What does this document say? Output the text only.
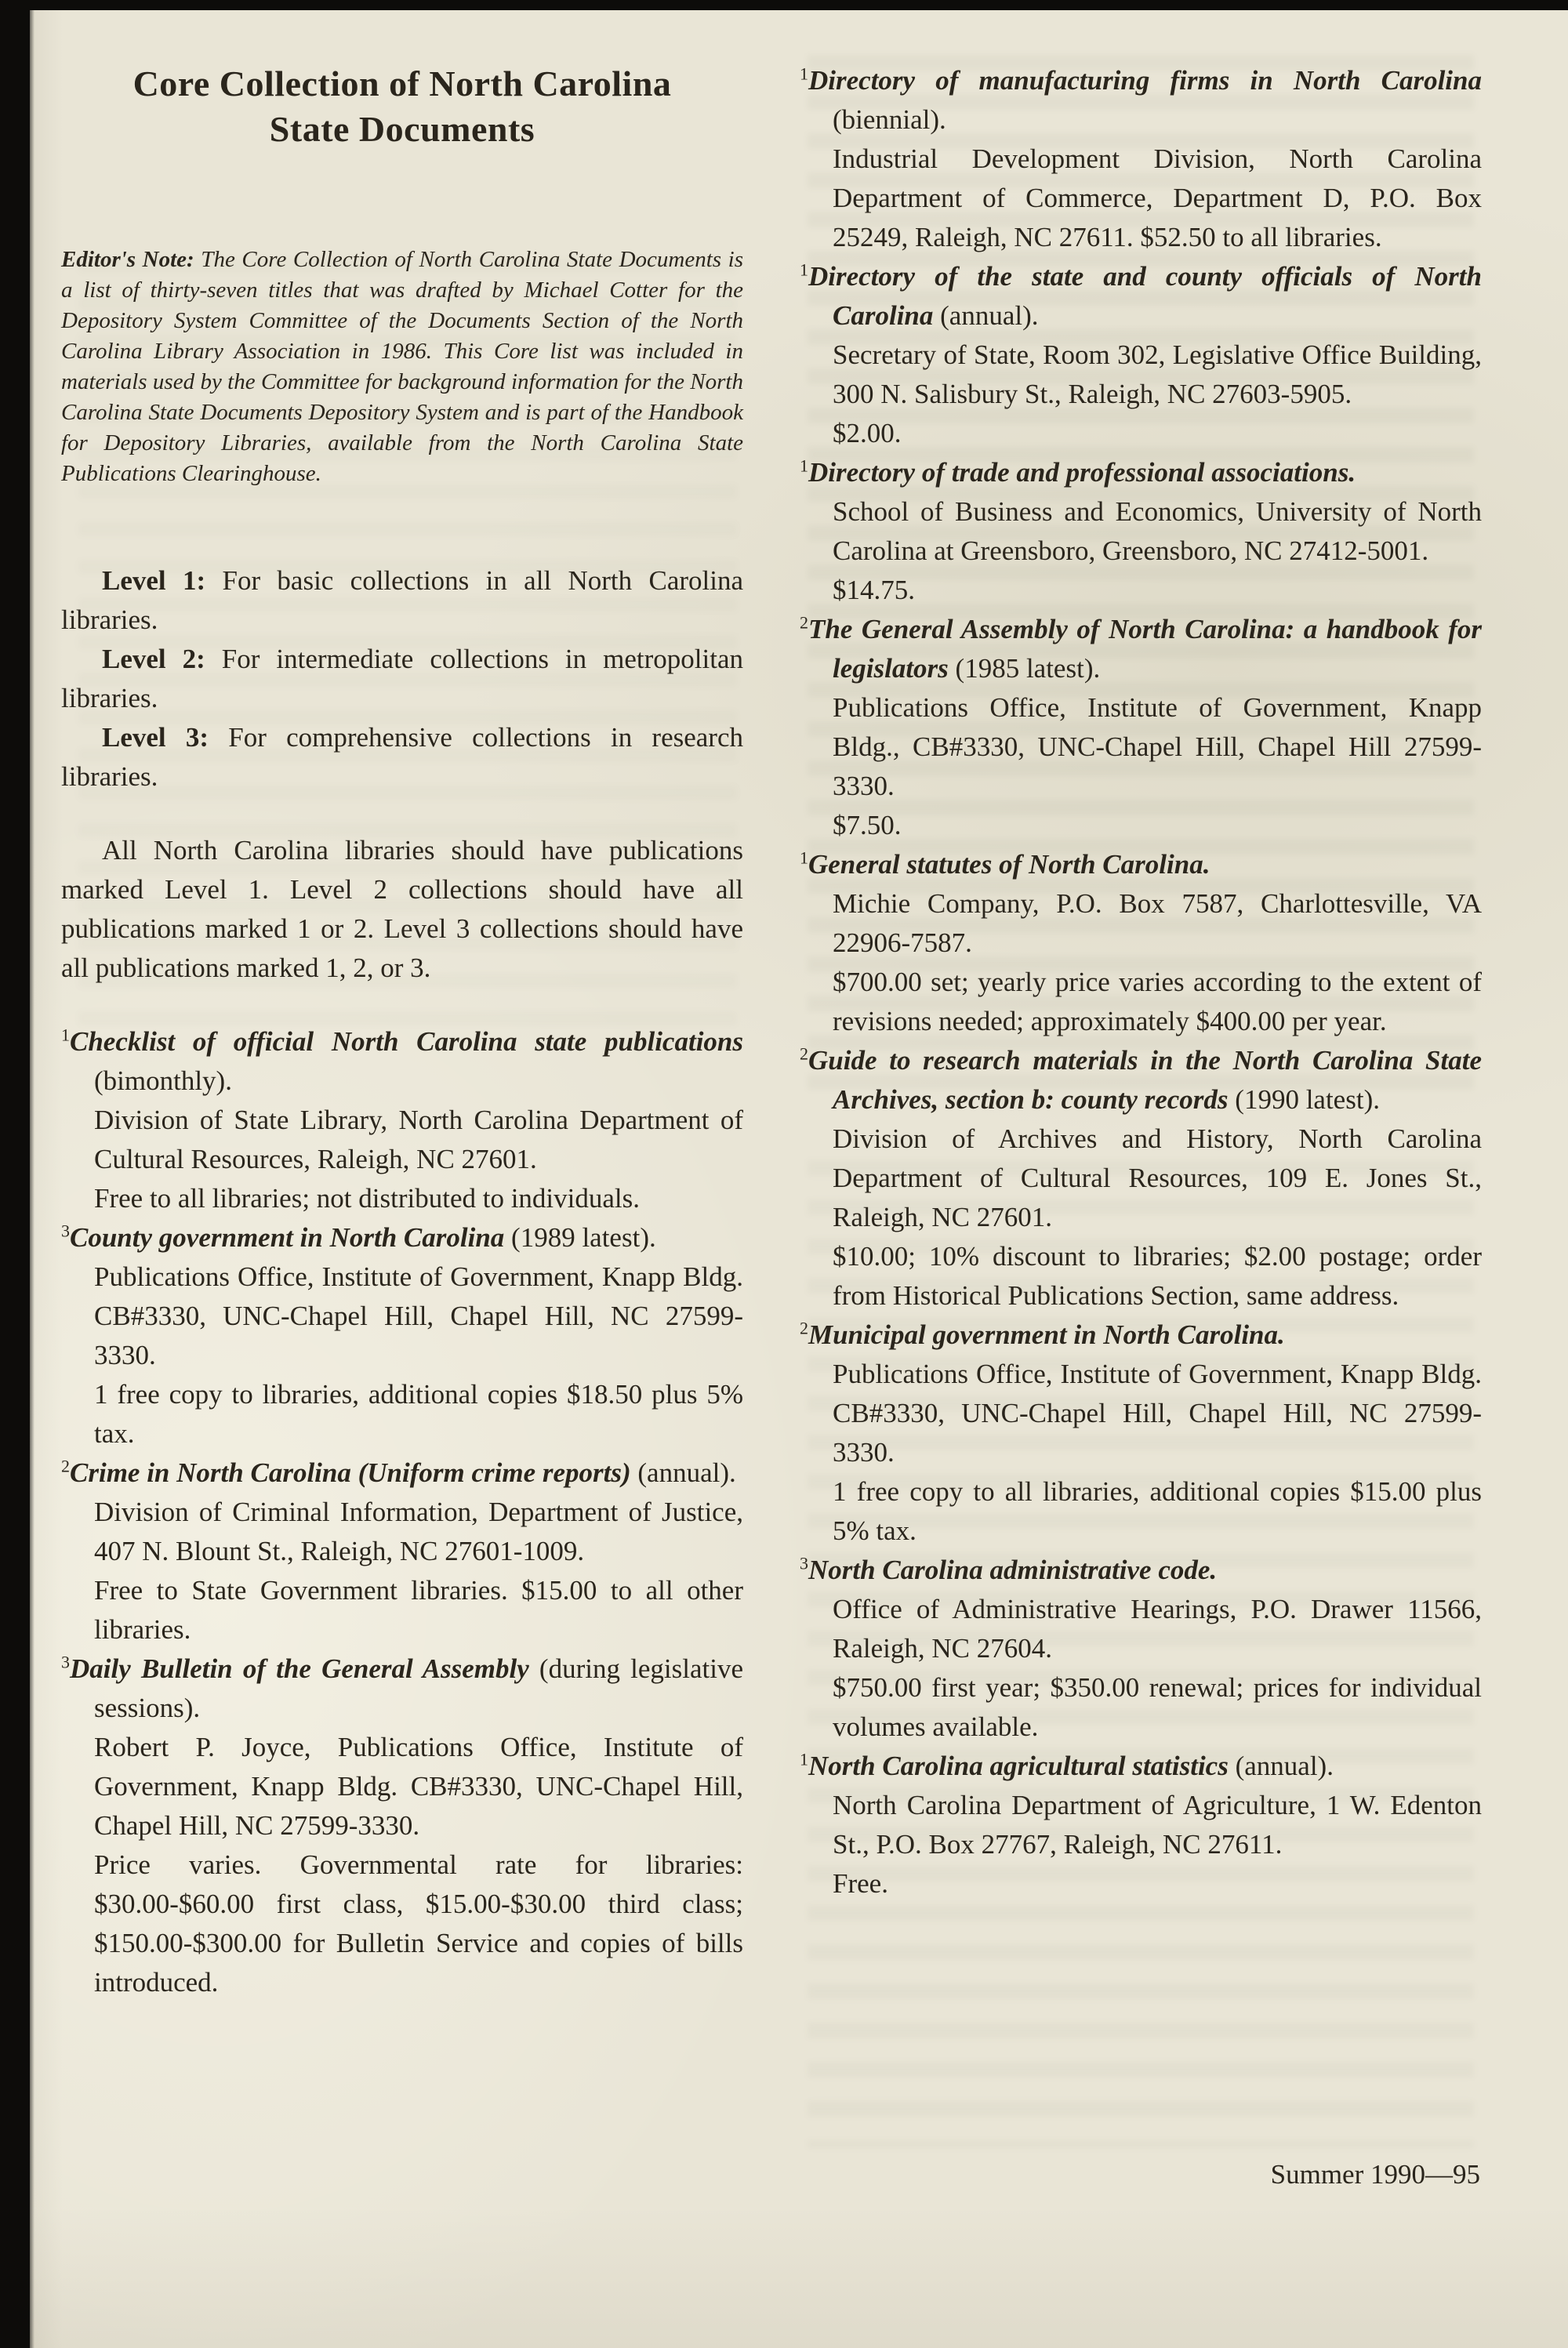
Core Collection of North Carolina
State Documents

Editor's Note: The Core Collection of North Carolina State Documents is a list of thirty-seven titles that was drafted by Michael Cotter for the Depository System Committee of the Documents Section of the North Carolina Library Association in 1986. This Core list was included in materials used by the Committee for background information for the North Carolina State Documents Depository System and is part of the Handbook for Depository Libraries, available from the North Carolina State Publications Clearinghouse.

Level 1: For basic collections in all North Carolina libraries.

Level 2: For intermediate collections in metropolitan libraries.

Level 3: For comprehensive collections in research libraries.

All North Carolina libraries should have publications marked Level 1. Level 2 collections should have all publications marked 1 or 2. Level 3 collections should have all publications marked 1, 2, or 3.

$^1$Checklist of official North Carolina state publications (bimonthly).

Division of State Library, North Carolina Department of Cultural Resources, Raleigh, NC 27601.

Free to all libraries; not distributed to individuals.

$^3$County government in North Carolina (1989 latest).

Publications Office, Institute of Government, Knapp Bldg. CB#3330, UNC-Chapel Hill, Chapel Hill, NC 27599-3330.

1 free copy to libraries, additional copies $18.50 plus 5% tax.

$^2$Crime in North Carolina (Uniform crime reports) (annual).

Division of Criminal Information, Department of Justice, 407 N. Blount St., Raleigh, NC 27601-1009.

Free to State Government libraries. $15.00 to all other libraries.

$^3$Daily Bulletin of the General Assembly (during legislative sessions).

Robert P. Joyce, Publications Office, Institute of Government, Knapp Bldg. CB#3330, UNC-Chapel Hill, Chapel Hill, NC 27599-3330.

Price varies. Governmental rate for libraries: $30.00-$60.00 first class, $15.00-$30.00 third class; $150.00-$300.00 for Bulletin Service and copies of bills introduced.

$^1$Directory of manufacturing firms in North Carolina (biennial).

Industrial Development Division, North Carolina Department of Commerce, Department D, P.O. Box 25249, Raleigh, NC 27611. $52.50 to all libraries.

$^1$Directory of the state and county officials of North Carolina (annual).

Secretary of State, Room 302, Legislative Office Building, 300 N. Salisbury St., Raleigh, NC 27603-5905.

$2.00.

$^1$Directory of trade and professional associations.

School of Business and Economics, University of North Carolina at Greensboro, Greensboro, NC 27412-5001.

$14.75.

$^2$The General Assembly of North Carolina: a handbook for legislators (1985 latest).

Publications Office, Institute of Government, Knapp Bldg., CB#3330, UNC-Chapel Hill, Chapel Hill 27599-3330.

$7.50.

$^1$General statutes of North Carolina.

Michie Company, P.O. Box 7587, Charlottesville, VA 22906-7587.

$700.00 set; yearly price varies according to the extent of revisions needed; approximately $400.00 per year.

$^2$Guide to research materials in the North Carolina State Archives, section b: county records (1990 latest).

Division of Archives and History, North Carolina Department of Cultural Resources, 109 E. Jones St., Raleigh, NC 27601.

$10.00; 10% discount to libraries; $2.00 postage; order from Historical Publications Section, same address.

$^2$Municipal government in North Carolina.

Publications Office, Institute of Government, Knapp Bldg. CB#3330, UNC-Chapel Hill, Chapel Hill, NC 27599-3330.

1 free copy to all libraries, additional copies $15.00 plus 5% tax.

$^3$North Carolina administrative code.

Office of Administrative Hearings, P.O. Drawer 11566, Raleigh, NC 27604.

$750.00 first year; $350.00 renewal; prices for individual volumes available.

$^1$North Carolina agricultural statistics (annual).

North Carolina Department of Agriculture, 1 W. Edenton St., P.O. Box 27767, Raleigh, NC 27611.

Free.

Summer 1990—95
